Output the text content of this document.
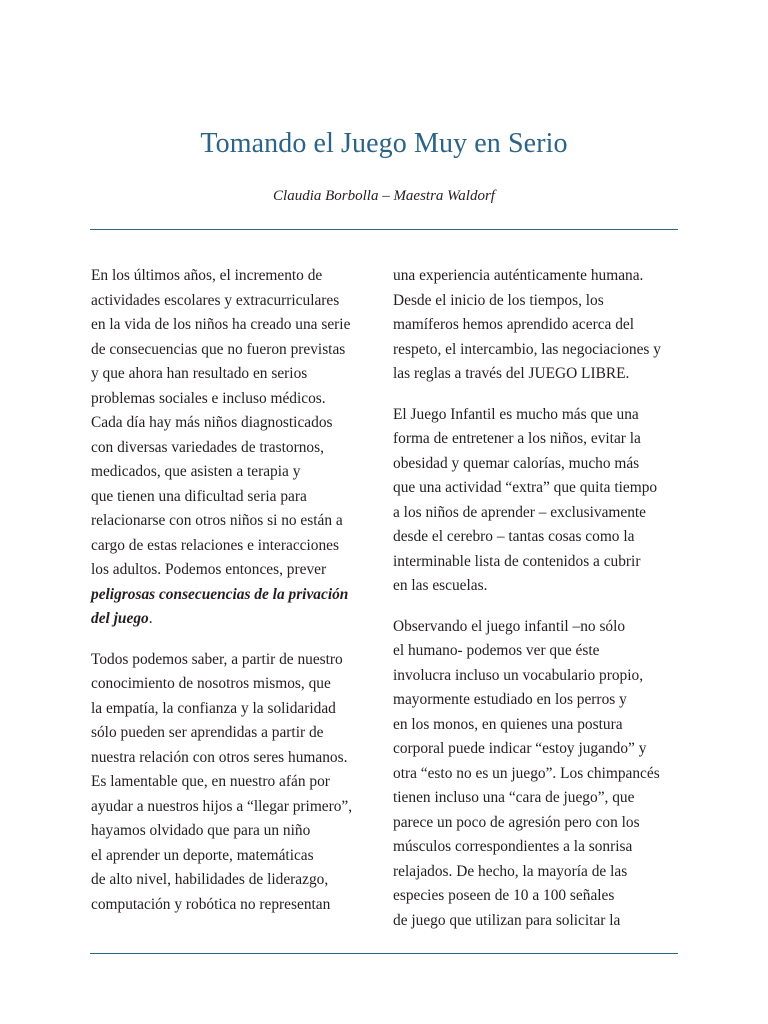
Tomando el Juego Muy en Serio

Claudia Borbolla – Maestra Waldorf

En los últimos años, el incremento de
actividades escolares y extracurriculares
en la vida de los niños ha creado una serie
de consecuencias que no fueron previstas
y que ahora han resultado en serios
problemas sociales e incluso médicos.
Cada día hay más niños diagnosticados
con diversas variedades de trastornos,
medicados, que asisten a terapia y
que tienen una dificultad seria para
relacionarse con otros niños si no están a
cargo de estas relaciones e interacciones
los adultos. Podemos entonces, prever
peligrosas consecuencias de la privación
del juego.
Todos podemos saber, a partir de nuestro
conocimiento de nosotros mismos, que
la empatía, la confianza y la solidaridad
sólo pueden ser aprendidas a partir de
nuestra relación con otros seres humanos.
Es lamentable que, en nuestro afán por
ayudar a nuestros hijos a “llegar primero”,
hayamos olvidado que para un niño
el aprender un deporte, matemáticas
de alto nivel, habilidades de liderazgo,
computación y robótica no representan
una experiencia auténticamente humana.
Desde el inicio de los tiempos, los
mamíferos hemos aprendido acerca del
respeto, el intercambio, las negociaciones y
las reglas a través del JUEGO LIBRE.
El Juego Infantil es mucho más que una
forma de entretener a los niños, evitar la
obesidad y quemar calorías, mucho más
que una actividad “extra” que quita tiempo
a los niños de aprender – exclusivamente
desde el cerebro – tantas cosas como la
interminable lista de contenidos a cubrir
en las escuelas.
Observando el juego infantil –no sólo
el humano- podemos ver que éste
involucra incluso un vocabulario propio,
mayormente estudiado en los perros y
en los monos, en quienes una postura
corporal puede indicar “estoy jugando” y
otra “esto no es un juego”. Los chimpancés
tienen incluso una “cara de juego”, que
parece un poco de agresión pero con los
músculos correspondientes a la sonrisa
relajados. De hecho, la mayoría de las
especies poseen de 10 a 100 señales
de juego que utilizan para solicitar la
